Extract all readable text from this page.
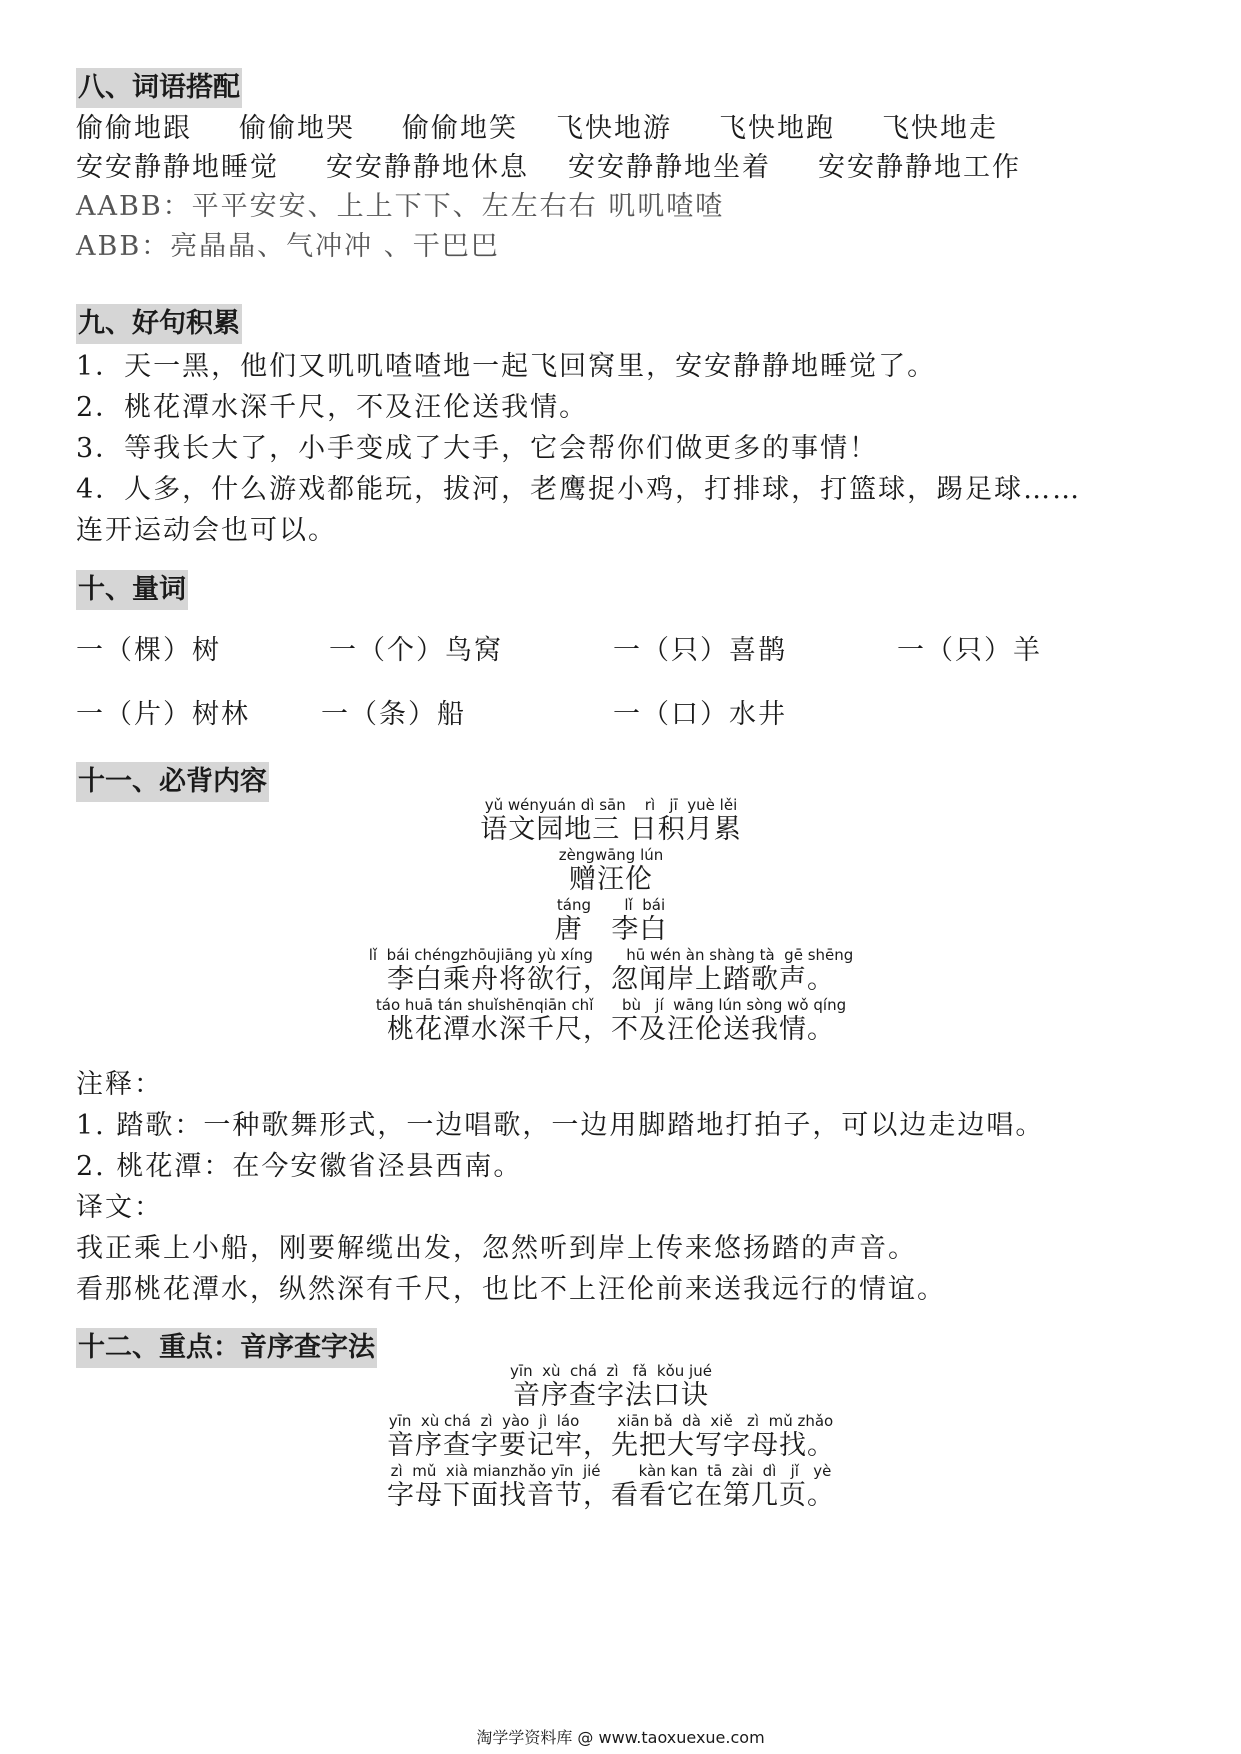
八、词语搭配
偷偷地跟	偷偷地哭	偷偷地笑	飞快地游	飞快地跑	飞快地走
安安静静地睡觉	安安静静地休息	安安静静地坐着	安安静静地工作
AABB：平平安安、上上下下、左左右右 叽叽喳喳
ABB：亮晶晶、气冲冲 、干巴巴
九、好句积累
1．天一黑，他们又叽叽喳喳地一起飞回窝里，安安静静地睡觉了。
2．桃花潭水深千尺，不及汪伦送我情。
3．等我长大了，小手变成了大手，它会帮你们做更多的事情！
4．人多，什么游戏都能玩，拔河，老鹰捉小鸡，打排球，打篮球，踢足球……
连开运动会也可以。
十、量词
一（棵）树	一（个）鸟窝	一（只）喜鹊	一（只）羊
一（片）树林	一（条）船	一（口）水井
十一、必背内容
yǔ wényuán dì sān    rì   jī  yuè lěi
语文园地三 日积月累
zèngwāng lún
赠汪伦
táng       lǐ  bái
唐   李白
lǐ  bái chéngzhōujiāng yù xíng       hū wén àn shàng tà  gē shēng
李白乘舟将欲行，忽闻岸上踏歌声。
táo huā tán shuǐshēnqiān chǐ      bù   jí  wāng lún sòng wǒ qíng
桃花潭水深千尺，不及汪伦送我情。
注释：
1. 踏歌：一种歌舞形式，一边唱歌，一边用脚踏地打拍子，可以边走边唱。
2. 桃花潭：在今安徽省泾县西南。
译文：
我正乘上小船，刚要解缆出发，忽然听到岸上传来悠扬踏的声音。
看那桃花潭水，纵然深有千尺，也比不上汪伦前来送我远行的情谊。
十二、重点：音序查字法
yīn  xù  chá  zì   fǎ  kǒu jué
音序查字法口诀
yīn  xù chá  zì  yào  jì  láo        xiān bǎ  dà  xiě   zì  mǔ zhǎo
音序查字要记牢，先把大写字母找。
zì  mǔ  xià mianzhǎo yīn  jié        kàn kan  tā  zài  dì   jǐ   yè
字母下面找音节，看看它在第几页。
淘学学资料库 @ www.taoxuexue.com
